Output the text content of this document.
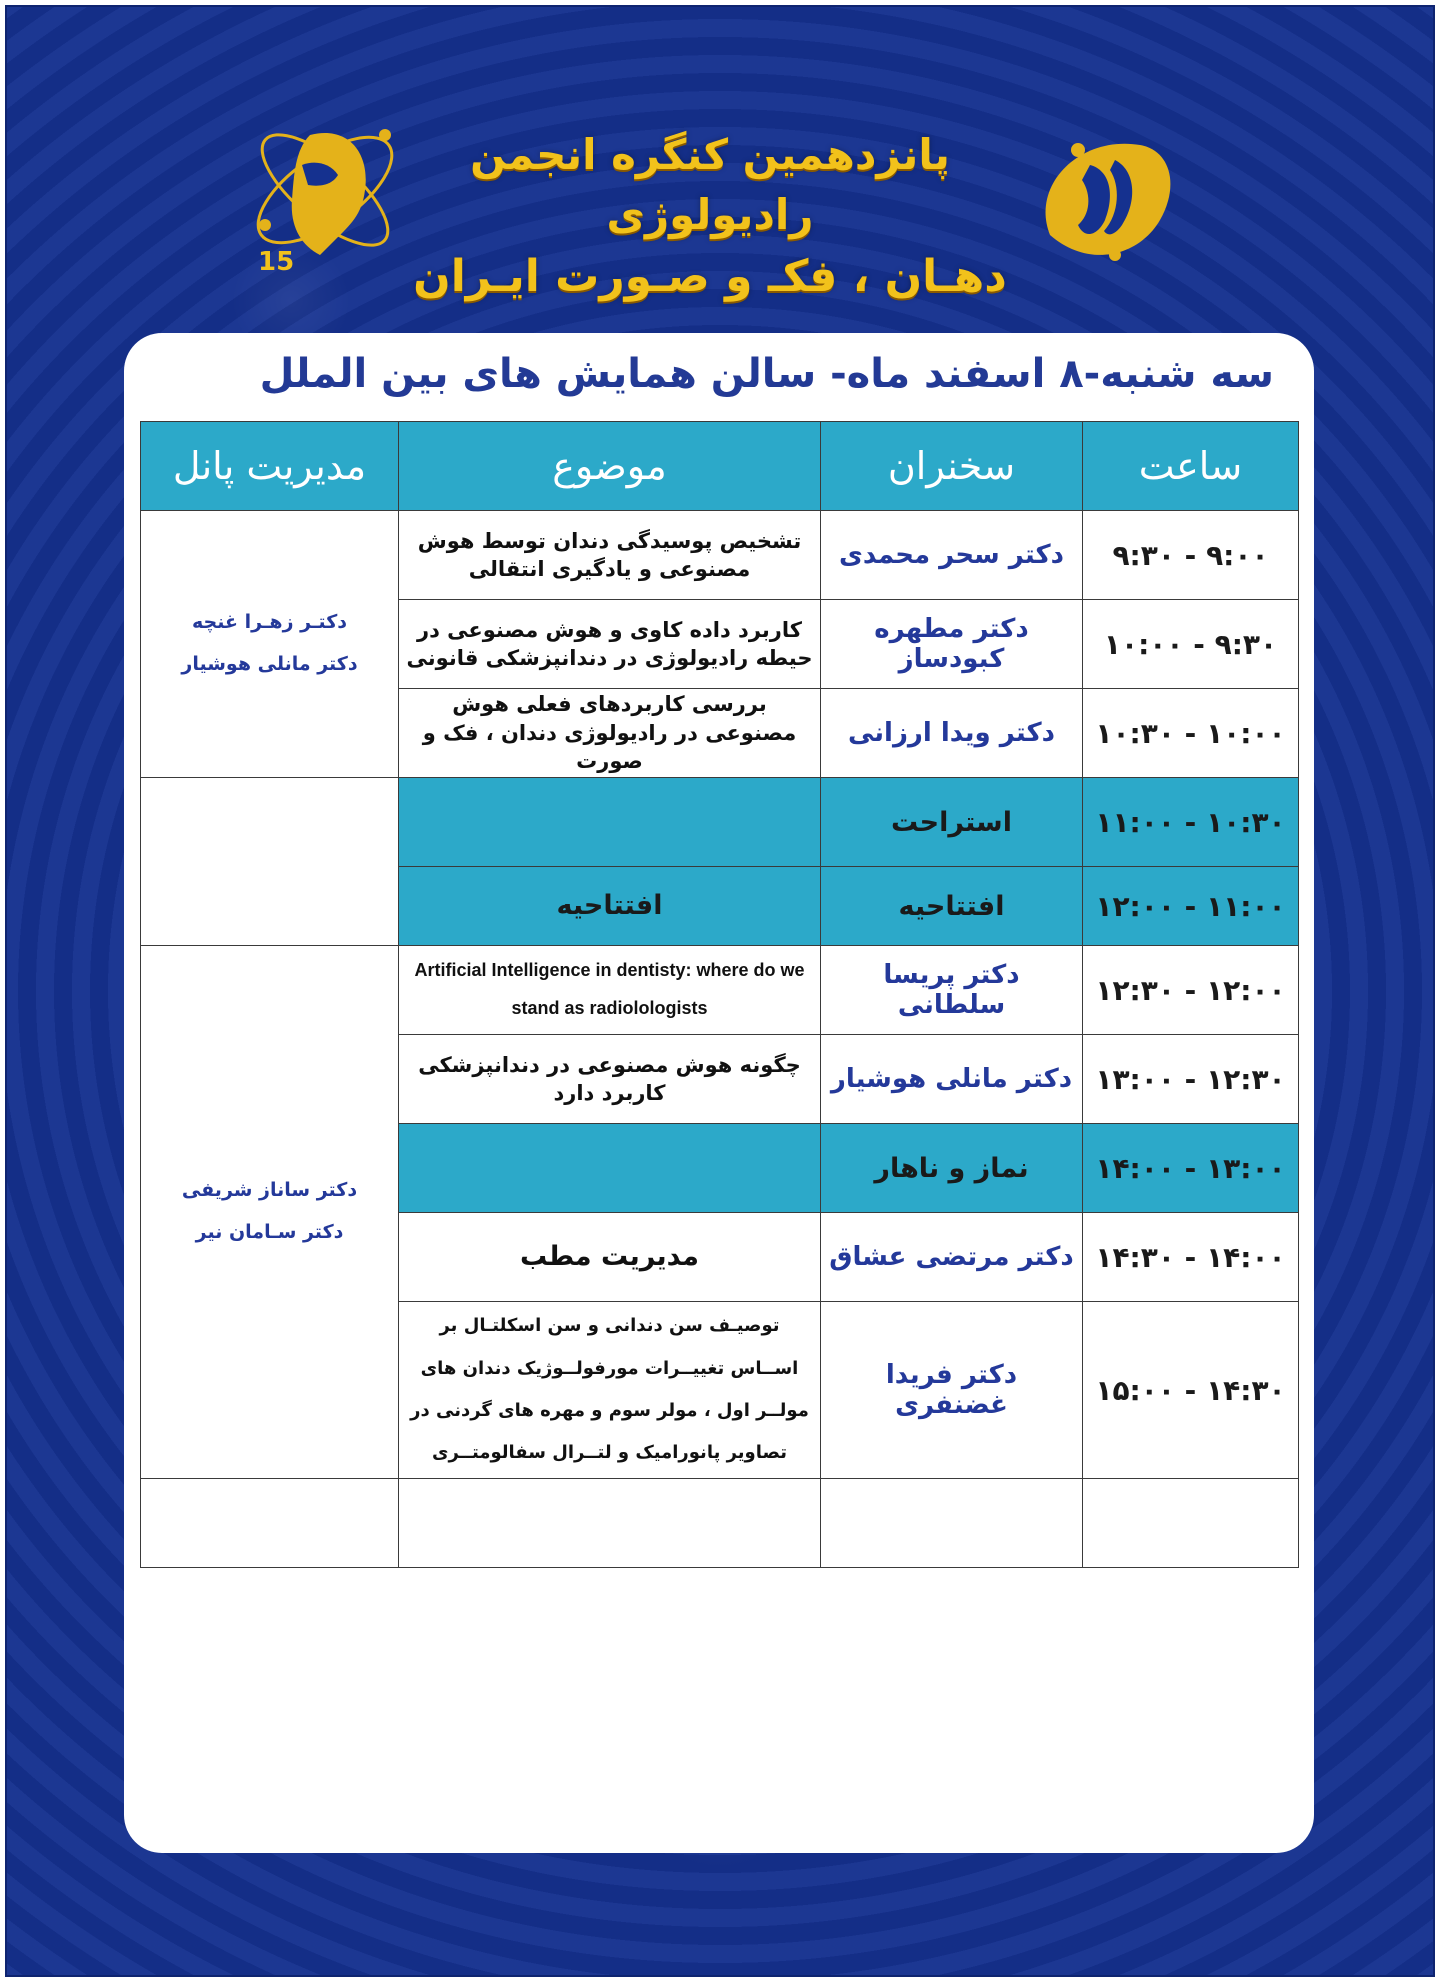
15
پانزدهمین کنگره انجمن رادیولوژی
دهـان ، فکـ و صـورت ایـران
سه شنبه-۸ اسفند ماه- سالن همایش های بین الملل
ساعت	سخنران	موضوع	مدیریت پانل
۹:۰۰ - ۹:۳۰	دکتر سحر محمدی	تشخیص پوسیدگی دندان توسط هوش مصنوعی و یادگیری انتقالی	دکتـر زهـرا غنچه
دکتر مانلی هوشیار

۹:۳۰ - ۱۰:۰۰	دکتر مطهره کبودساز	کاربرد داده کاوی و هوش مصنوعی در حیطه رادیولوژی در دندانپزشکی قانونی	
۱۰:۰۰ - ۱۰:۳۰	دکتر ویدا ارزانی	بررسی کاربردهای فعلی هوش مصنوعی در رادیولوژی دندان ، فک و صورت	
۱۰:۳۰ - ۱۱:۰۰	استراحت		
۱۱:۰۰ - ۱۲:۰۰	افتتاحیه	افتتاحیه	
۱۲:۰۰ - ۱۲:۳۰	دکتر پریسا سلطانی	Artificial Intelligence in dentisty: where do we stand as radiolologists	دکتر ساناز شریفی
دکتر سـامان نیر

۱۲:۳۰ - ۱۳:۰۰	دکتر مانلی هوشیار	چگونه هوش مصنوعی در دندانپزشکی کاربرد دارد	
۱۳:۰۰ - ۱۴:۰۰	نماز و ناهار		
۱۴:۰۰ - ۱۴:۳۰	دکتر مرتضی عشاق	مدیریت مطب	
۱۴:۳۰ - ۱۵:۰۰	دکتر فریدا غضنفری	توصیـف سن دندانی و سن اسکلتـال بر اســاس تغییــرات مورفولــوژیک دندان های مولــر اول ، مولر سوم و مهره های گردنی در تصاویر پانورامیک و لتــرال سفالومتــری	
